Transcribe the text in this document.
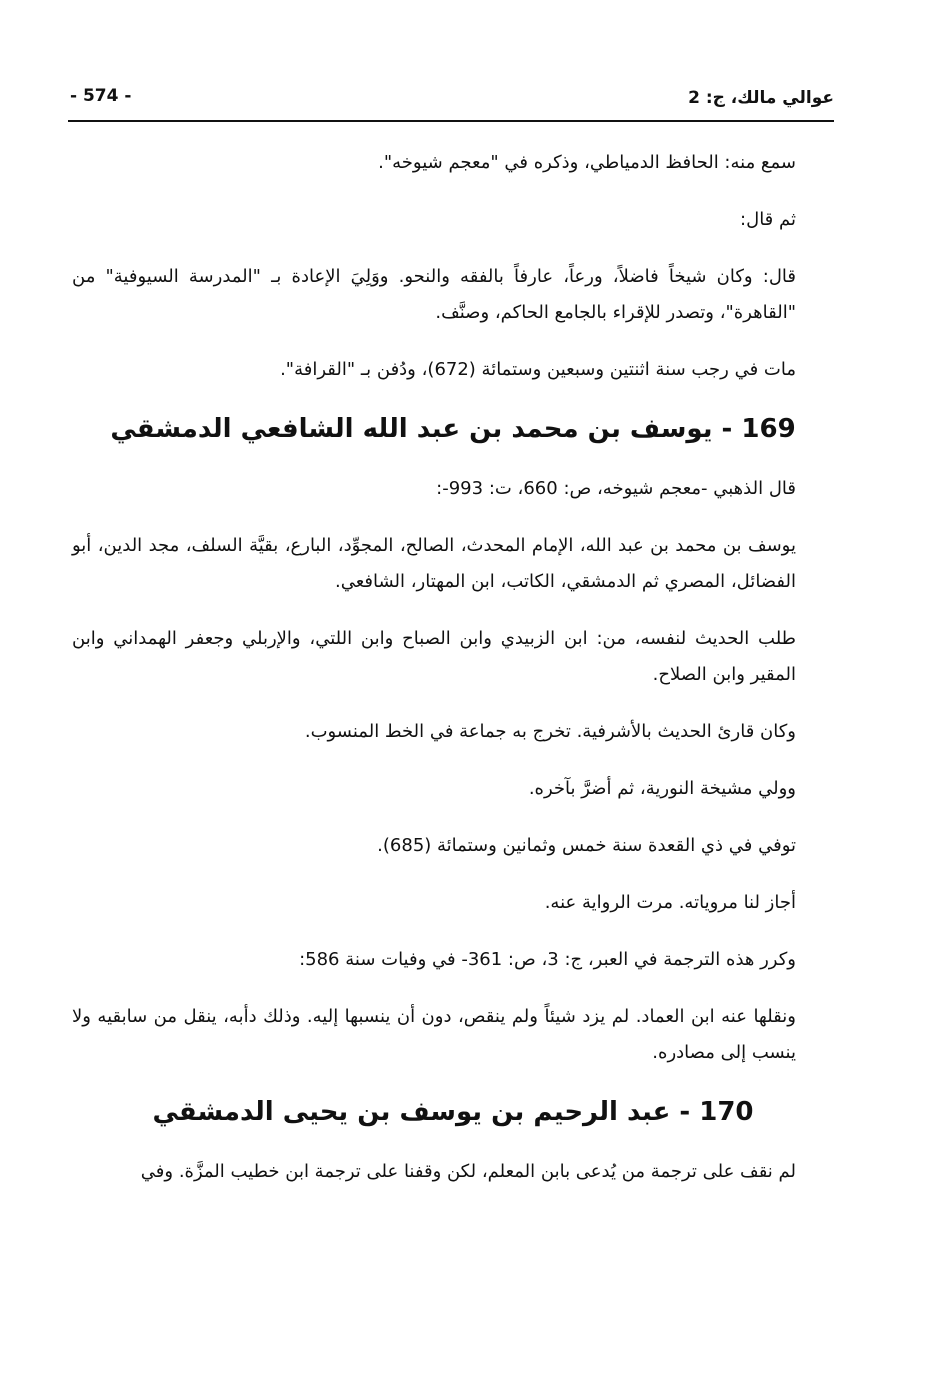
- 574 -	عوالي مالك، ج: 2

سمع منه: الحافظ الدمياطي، وذكره في "معجم شيوخه".

ثم قال:

قال: وكان شيخاً فاضلاً، ورعاً، عارفاً بالفقه والنحو. ووَلِيَ الإعادة بـ "المدرسة السيوفية" من "القاهرة"، وتصدر للإقراء بالجامع الحاكم، وصنَّف.

مات في رجب سنة اثنتين وسبعين وستمائة (672)، ودُفن بـ "القرافة".

169 - يوسف بن محمد بن عبد الله الشافعي الدمشقي

قال الذهبي -معجم شيوخه، ص: 660، ت: 993-:

يوسف بن محمد بن عبد الله، الإمام المحدث، الصالح، المجوِّد، البارع، بقيَّة السلف، مجد الدين، أبو الفضائل، المصري ثم الدمشقي، الكاتب، ابن المهتار، الشافعي.

طلب الحديث لنفسه، من: ابن الزبيدي وابن الصباح وابن اللتي، والإربلي وجعفر الهمداني وابن المقير وابن الصلاح.

وكان قارئ الحديث بالأشرفية. تخرج به جماعة في الخط المنسوب.

وولي مشيخة النورية، ثم أضرَّ بآخره.

توفي في ذي القعدة سنة خمس وثمانين وستمائة (685).

أجاز لنا مروياته. مرت الرواية عنه.

وكرر هذه الترجمة في العبر، ج: 3، ص: 361- في وفيات سنة 586:

ونقلها عنه ابن العماد. لم يزد شيئاً ولم ينقص، دون أن ينسبها إليه. وذلك دأبه، ينقل من سابقيه ولا ينسب إلى مصادره.

170 - عبد الرحيم بن يوسف بن يحيى الدمشقي

لم نقف على ترجمة من يُدعى بابن المعلم، لكن وقفنا على ترجمة ابن خطيب المزَّة. وفي
